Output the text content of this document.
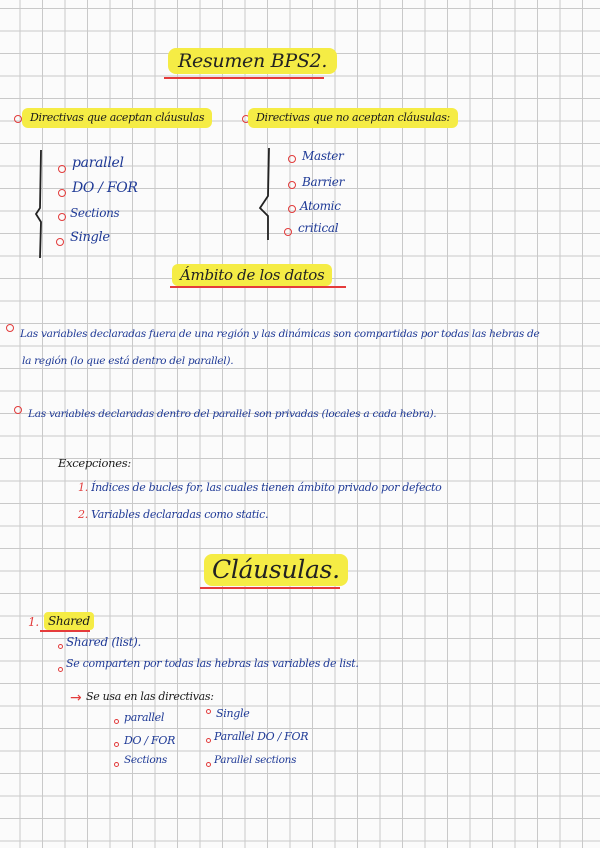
Resumen BPS2.
Directivas que aceptan cláusulas
parallel
DO / FOR
Sections
Single
Directivas que no aceptan cláusulas:
Master
Barrier
Atomic
critical
Ámbito de los datos
Las variables declaradas fuera de una región y las dinámicas son compartidas por todas las hebras de
la región (lo que está dentro del parallel).
Las variables declaradas dentro del parallel son privadas (locales a cada hebra).
Excepciones:
1. Índices de bucles for, las cuales tienen ámbito privado por defecto
2. Variables declaradas como static.
Cláusulas.
1. Shared
Shared (list).
Se comparten por todas las hebras las variables de list.
→ Se usa en las directivas:
parallel
DO / FOR
Sections
Single
Parallel DO / FOR
Parallel sections
